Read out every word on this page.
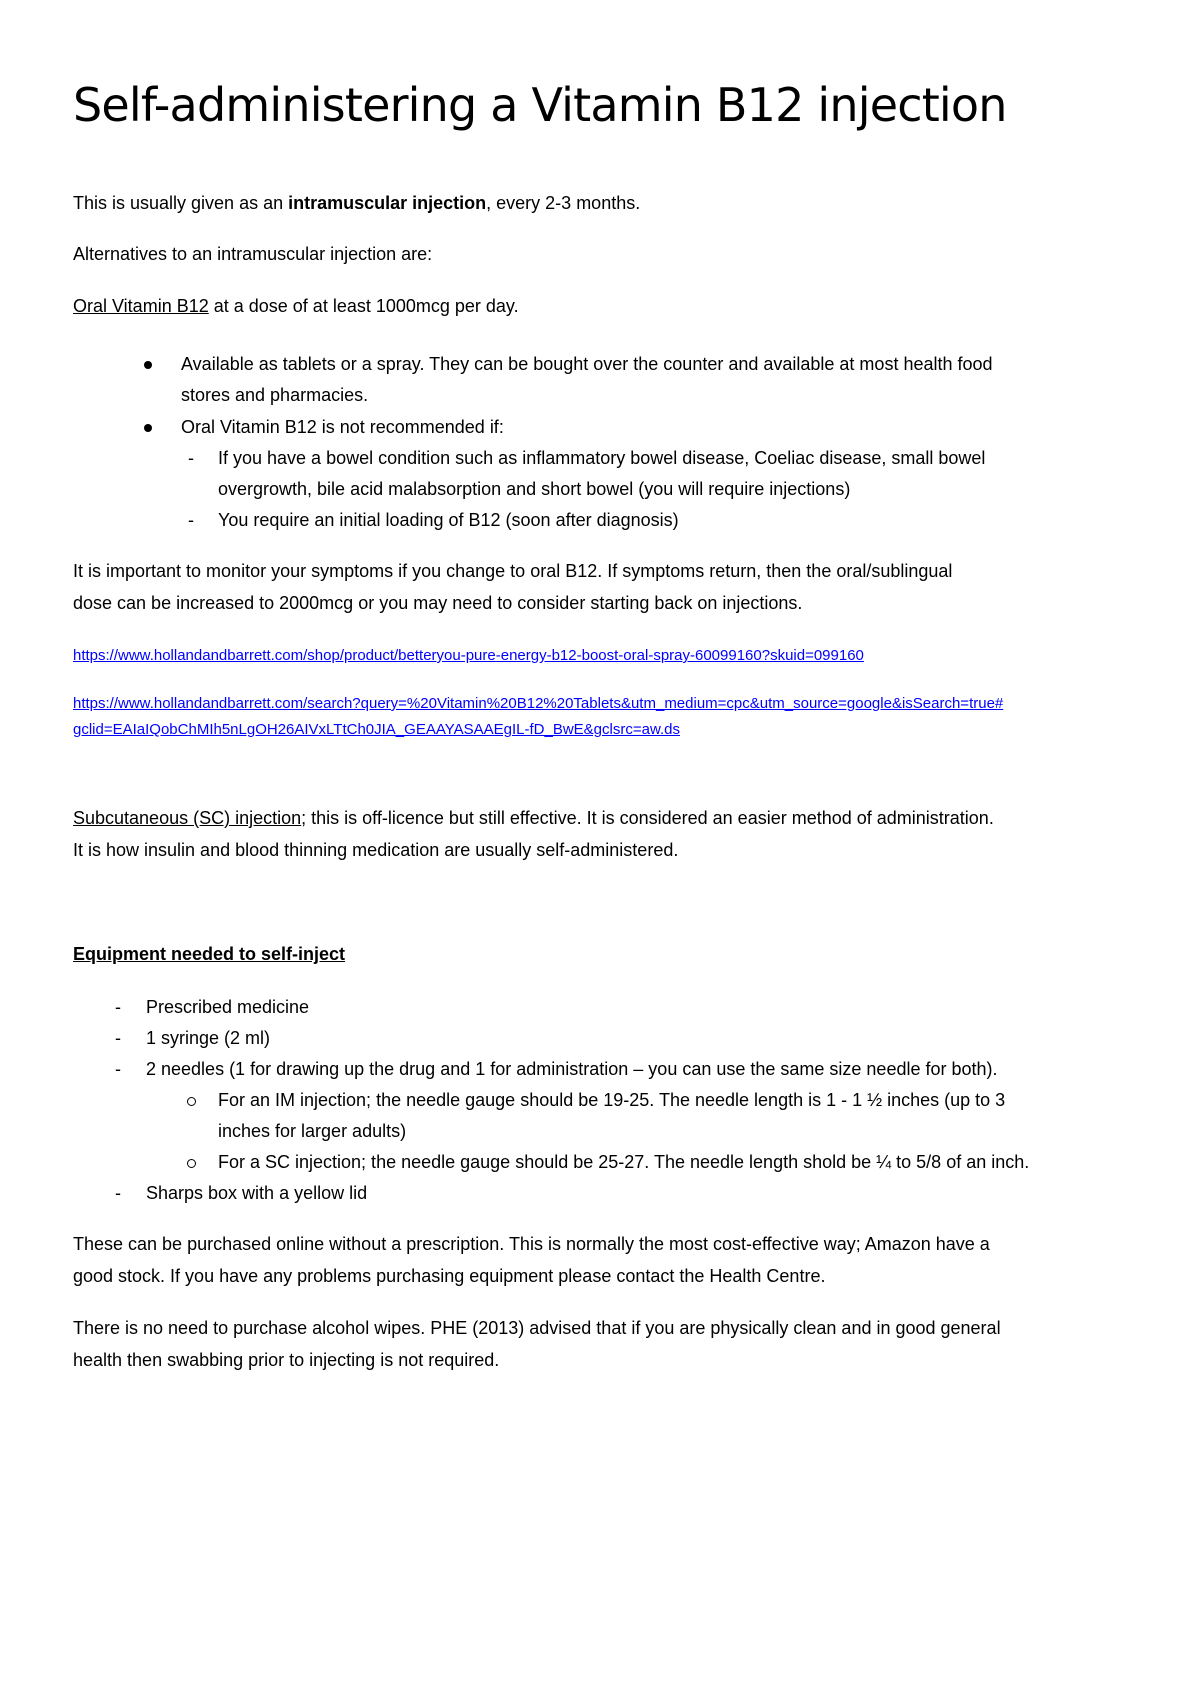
Self-administering a Vitamin B12 injection

This is usually given as an intramuscular injection, every 2-3 months.

Alternatives to an intramuscular injection are:

Oral Vitamin B12 at a dose of at least 1000mcg per day.

Available as tablets or a spray. They can be bought over the counter and available at most health food
stores and pharmacies.
Oral Vitamin B12 is not recommended if:
-	If you have a bowel condition such as inflammatory bowel disease, Coeliac disease, small bowel
overgrowth, bile acid malabsorption and short bowel (you will require injections)
-	You require an initial loading of B12 (soon after diagnosis)

It is important to monitor your symptoms if you change to oral B12. If symptoms return, then the oral/sublingual

dose can be increased to 2000mcg or you may need to consider starting back on injections.

https://www.hollandandbarrett.com/shop/product/betteryou-pure-energy-b12-boost-oral-spray-60099160?skuid=099160

https://www.hollandandbarrett.com/search?query=%20Vitamin%20B12%20Tablets&utm_medium=cpc&utm_source=google&isSearch=true#

gclid=EAIaIQobChMIh5nLgOH26AIVxLTtCh0JIA_GEAAYASAAEgIL-fD_BwE&gclsrc=aw.ds

Subcutaneous (SC) injection; this is off-licence but still effective. It is considered an easier method of administration.

It is how insulin and blood thinning medication are usually self-administered.

Equipment needed to self-inject

-	Prescribed medicine
-	1 syringe (2 ml)
-	2 needles (1 for drawing up the drug and 1 for administration – you can use the same size needle for both).
For an IM injection; the needle gauge should be 19-25. The needle length is 1 - 1 ½ inches (up to 3
inches for larger adults)
For a SC injection; the needle gauge should be 25-27. The needle length shold be ¼ to 5/8 of an inch.
-	Sharps box with a yellow lid

These can be purchased online without a prescription. This is normally the most cost-effective way; Amazon have a

good stock. If you have any problems purchasing equipment please contact the Health Centre.

There is no need to purchase alcohol wipes. PHE (2013) advised that if you are physically clean and in good general

health then swabbing prior to injecting is not required.
